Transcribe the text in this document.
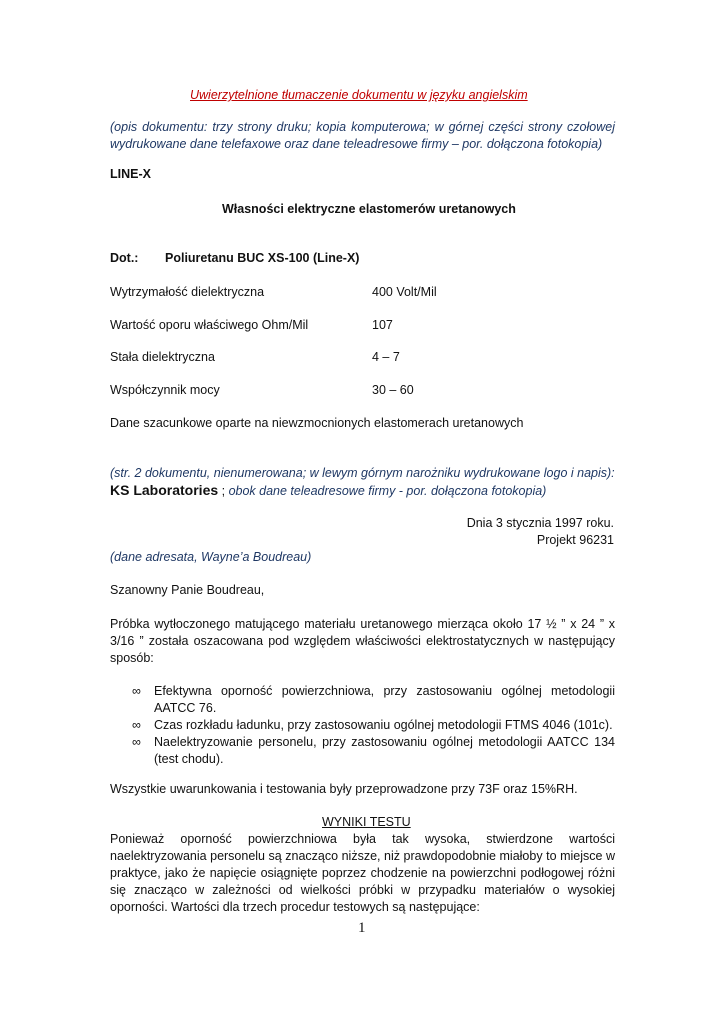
Uwierzytelnione tłumaczenie dokumentu w języku angielskim
(opis dokumentu: trzy strony druku; kopia komputerowa; w górnej części strony czołowej wydrukowane dane telefaxowe oraz dane teleadresowe firmy – por. dołączona fotokopia)
LINE-X
Własności elektryczne elastomerów uretanowych
Dot.: Poliuretanu BUC XS-100 (Line-X)
Wytrzymałość dielektryczna	400 Volt/Mil
Wartość oporu właściwego Ohm/Mil	107
Stała dielektryczna	4 – 7
Współczynnik mocy	30 – 60
Dane szacunkowe oparte na niewzmocnionych elastomerach uretanowych
(str. 2 dokumentu, nienumerowana; w lewym górnym narożniku wydrukowane logo i napis):
KS Laboratories ; obok dane teleadresowe firmy - por. dołączona fotokopia)
Dnia 3 stycznia 1997 roku.
Projekt 96231
(dane adresata, Wayne’a Boudreau)
Szanowny Panie Boudreau,
Próbka wytłoczonego matującego materiału uretanowego mierząca około 17 ½ ” x 24 ” x 3/16 ” została oszacowana pod względem właściwości elektrostatycznych w następujący sposób:
∞ Efektywna oporność powierzchniowa, przy zastosowaniu ogólnej metodologii AATCC 76.
∞ Czas rozkładu ładunku, przy zastosowaniu ogólnej metodologii FTMS 4046 (101c).
∞ Naelektryzowanie personelu, przy zastosowaniu ogólnej metodologii AATCC 134 (test chodu).
Wszystkie uwarunkowania i testowania były przeprowadzone przy 73F oraz 15%RH.
WYNIKI TESTU
Ponieważ oporność powierzchniowa była tak wysoka, stwierdzone wartości naelektryzowania personelu są znacząco niższe, niż prawdopodobnie miałoby to miejsce w praktyce, jako że napięcie osiągnięte poprzez chodzenie na powierzchni podłogowej różni się znacząco w zależności od wielkości próbki w przypadku materiałów o wysokiej oporności. Wartości dla trzech procedur testowych są następujące:
1
